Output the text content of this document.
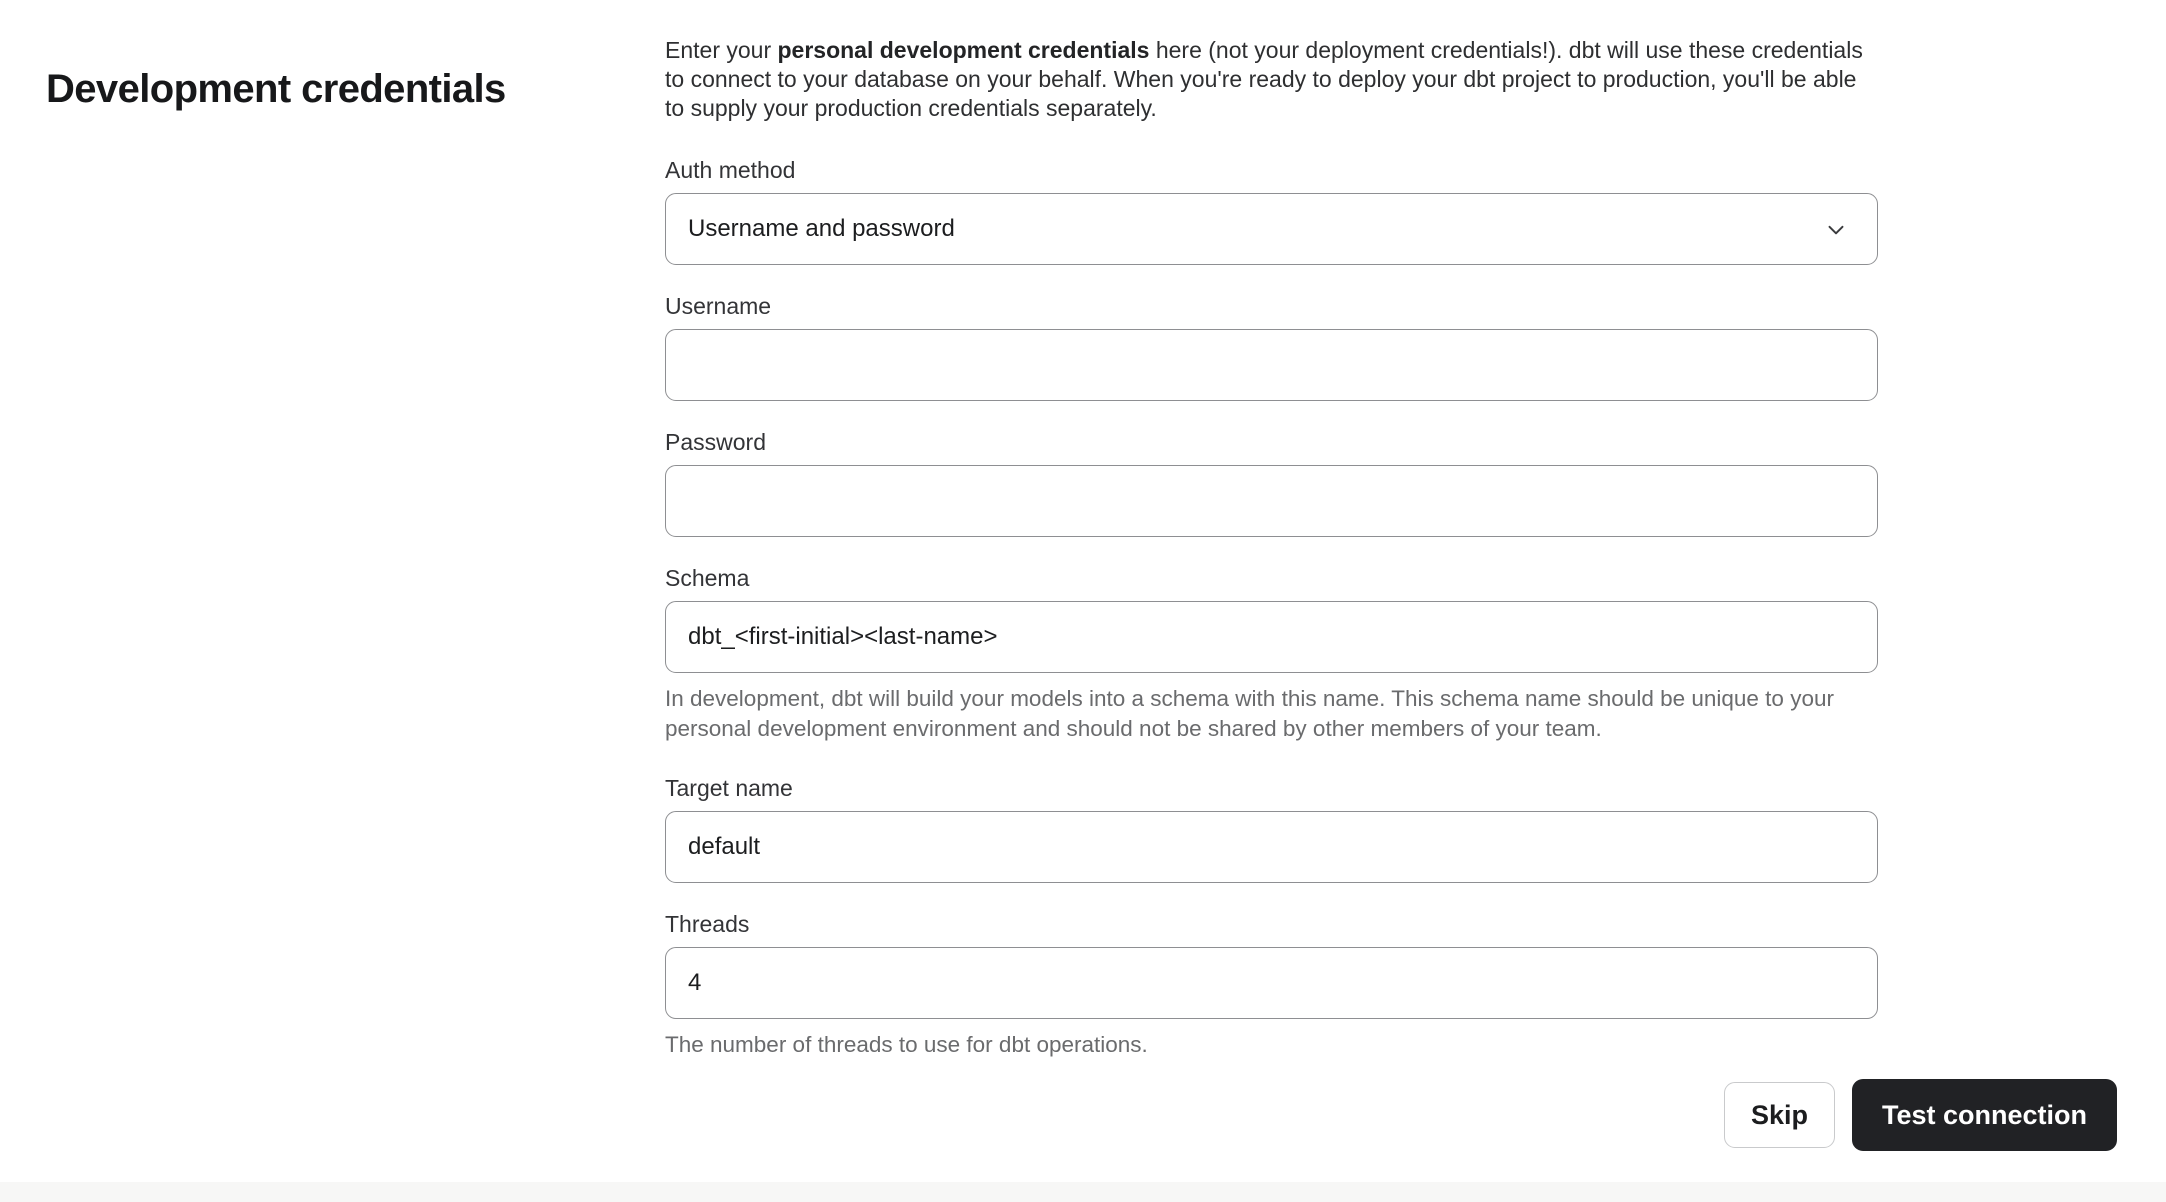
Development credentials

Enter your personal development credentials here (not your deployment credentials!). dbt will use these credentials to connect to your database on your behalf. When you're ready to deploy your dbt project to production, you'll be able to supply your production credentials separately.

Auth method
Username and password
Username
Password
Schema
dbt_<first-initial><last-name>
In development, dbt will build your models into a schema with this name. This schema name should be unique to your personal development environment and should not be shared by other members of your team.
Target name
default
Threads
4
The number of threads to use for dbt operations.
Skip	Test connection
